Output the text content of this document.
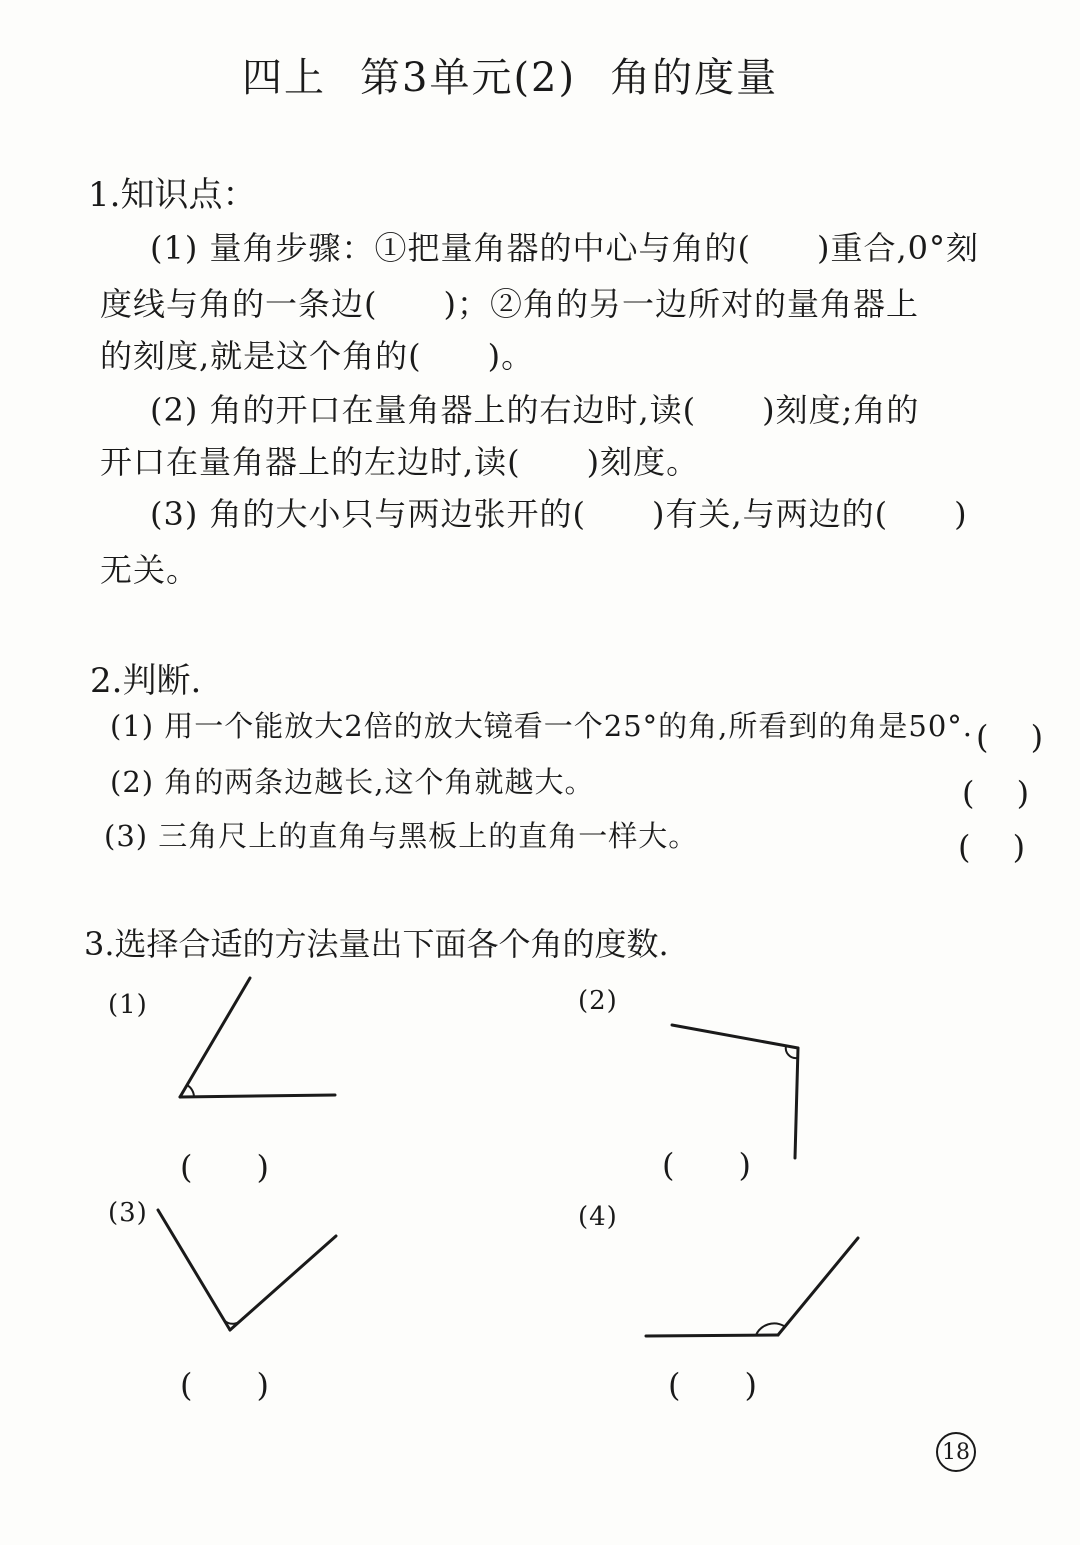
四上 第3单元(2) 角的度量
1.知识点：
(1) 量角步骤：①把量角器的中心与角的(　　)重合,0°刻
度线与角的一条边(　　)；②角的另一边所对的量角器上
的刻度,就是这个角的(　　)。
(2) 角的开口在量角器上的右边时,读(　　)刻度;角的
开口在量角器上的左边时,读(　　)刻度。
(3) 角的大小只与两边张开的(　　)有关,与两边的(　　)
无关。
2.判断.
(1) 用一个能放大2倍的放大镜看一个25°的角,所看到的角是50°. (　 )
(2) 角的两条边越长,这个角就越大。	(　 )
(3) 三角尺上的直角与黑板上的直角一样大。	(　 )
3.选择合适的方法量出下面各个角的度数.
(1)	(2)
(3)	(4)
(　　)	(　　)
(　　)	(　　)
18
